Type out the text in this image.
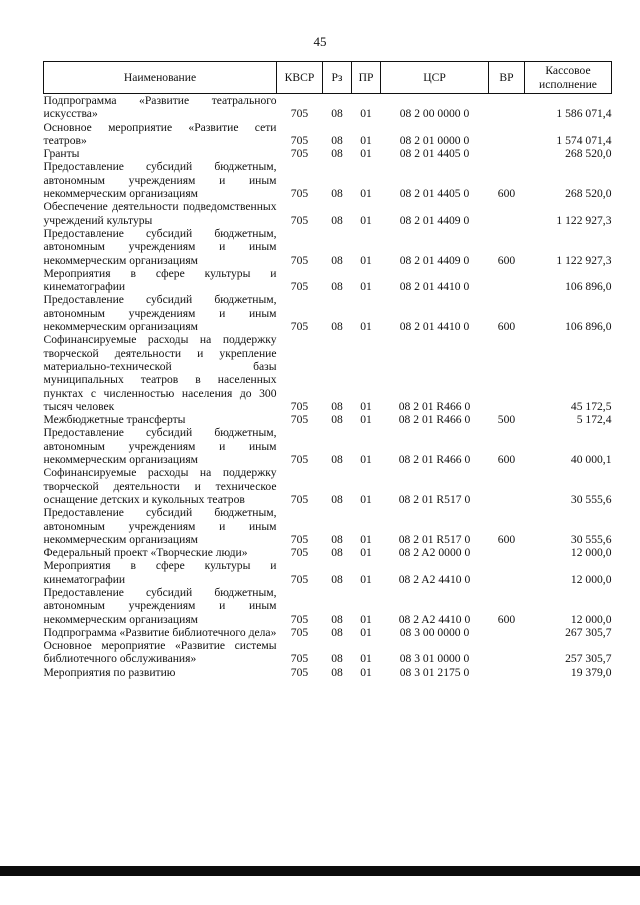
45
Наименование	КВСР	Рз	ПР	ЦСР	ВР	Кассовое
исполнение

Подпрограмма «Развитие театрального искусства»	705	08	01	08 2 00 0000 0		1 586 071,4
Основное мероприятие «Развитие сети театров»	705	08	01	08 2 01 0000 0		1 574 071,4
Гранты	705	08	01	08 2 01 4405 0		268 520,0
Предоставление субсидий бюджетным, автономным учреждениям и иным некоммерческим организациям	705	08	01	08 2 01 4405 0	600	268 520,0
Обеспечение деятельности подведомственных учреждений культуры	705	08	01	08 2 01 4409 0		1 122 927,3
Предоставление субсидий бюджетным, автономным учреждениям и иным некоммерческим организациям	705	08	01	08 2 01 4409 0	600	1 122 927,3
Мероприятия в сфере культуры и кинематографии	705	08	01	08 2 01 4410 0		106 896,0
Предоставление субсидий бюджетным, автономным учреждениям и иным некоммерческим организациям	705	08	01	08 2 01 4410 0	600	106 896,0
Софинансируемые расходы на поддержку творческой деятельности и укрепление материально-технической базы муниципальных театров в населенных пунктах с численностью населения до 300 тысяч человек	705	08	01	08 2 01 R466 0		45 172,5
Межбюджетные трансферты	705	08	01	08 2 01 R466 0	500	5 172,4
Предоставление субсидий бюджетным, автономным учреждениям и иным некоммерческим организациям	705	08	01	08 2 01 R466 0	600	40 000,1
Софинансируемые расходы на поддержку творческой деятельности и техническое оснащение детских и кукольных театров	705	08	01	08 2 01 R517 0		30 555,6
Предоставление субсидий бюджетным, автономным учреждениям и иным некоммерческим организациям	705	08	01	08 2 01 R517 0	600	30 555,6
Федеральный проект «Творческие люди»	705	08	01	08 2 A2 0000 0		12 000,0
Мероприятия в сфере культуры и кинематографии	705	08	01	08 2 A2 4410 0		12 000,0
Предоставление субсидий бюджетным, автономным учреждениям и иным некоммерческим организациям	705	08	01	08 2 A2 4410 0	600	12 000,0
Подпрограмма «Развитие библиотечного дела»	705	08	01	08 3 00 0000 0		267 305,7
Основное мероприятие «Развитие системы библиотечного обслуживания»	705	08	01	08 3 01 0000 0		257 305,7
Мероприятия по развитию	705	08	01	08 3 01 2175 0		19 379,0
